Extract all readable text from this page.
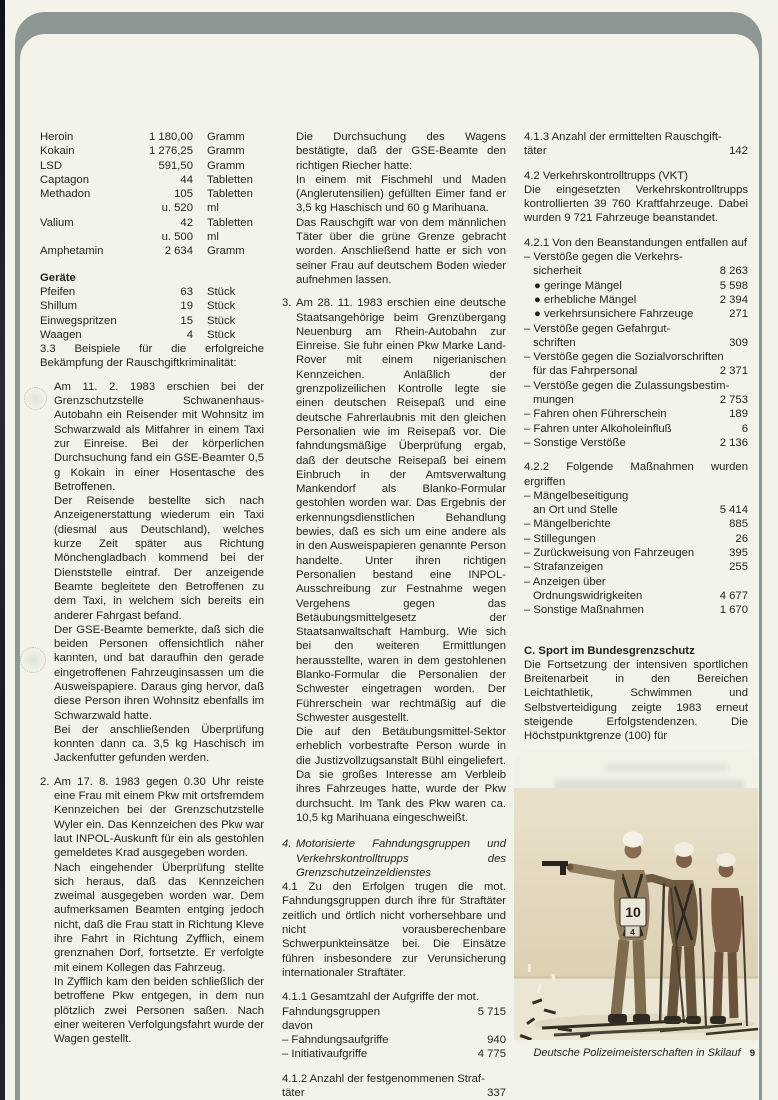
Heroin	1 180,00	Gramm
Kokain	1 276,25	Gramm
LSD	591,50	Gramm
Captagon	44	Tabletten
Methadon	105	Tabletten
u. 520	ml
Valium	42	Tabletten
u. 500	ml
Amphetamin	2 634	Gramm
Geräte
Pfeifen	63	Stück
Shillum	19	Stück
Einwegspritzen	15	Stück
Waagen	4	Stück

3.3 Beispiele für die erfolgreiche Bekämpfung der Rauschgiftkriminalität:

Am 11. 2. 1983 erschien bei der Grenzschutzstelle Schwanenhaus-Autobahn ein Reisender mit Wohnsitz im Schwarzwald als Mitfahrer in einem Taxi zur Einreise. Bei der körperlichen Durchsuchung fand ein GSE-Beamter 0,5 g Kokain in einer Hosentasche des Betroffenen.

Der Reisende bestellte sich nach Anzeigenerstattung wiederum ein Taxi (diesmal aus Deutschland), welches kurze Zeit später aus Richtung Mönchengladbach kommend bei der Dienststelle eintraf. Der anzeigende Beamte begleitete den Betroffenen zu dem Taxi, in welchem sich bereits ein anderer Fahrgast befand.

Der GSE-Beamte bemerkte, daß sich die beiden Personen offensichtlich näher kannten, und bat daraufhin den gerade eingetroffenen Fahrzeuginsassen um die Ausweispapiere. Daraus ging hervor, daß diese Person ihren Wohnsitz ebenfalls im Schwarzwald hatte.

Bei der anschließenden Überprüfung konnten dann ca. 3,5 kg Haschisch im Jackenfutter gefunden werden.

2. Am 17. 8. 1983 gegen 0.30 Uhr reiste eine Frau mit einem Pkw mit ortsfremdem Kennzeichen bei der Grenzschutzstelle Wyler ein. Das Kennzeichen des Pkw war laut INPOL-Auskunft für ein als gestohlen gemeldetes Krad ausgegeben worden.

Nach eingehender Überprüfung stellte sich heraus, daß das Kennzeichen zweimal ausgegeben worden war. Dem aufmerksamen Beamten entging jedoch nicht, daß die Frau statt in Richtung Kleve ihre Fahrt in Richtung Zyfflich, einem grenznahen Dorf, fortsetzte. Er verfolgte mit einem Kollegen das Fahrzeug.

In Zyfflich kam den beiden schließlich der betroffene Pkw entgegen, in dem nun plötzlich zwei Personen saßen. Nach einer weiteren Verfolgungsfahrt wurde der Wagen gestellt.

Die Durchsuchung des Wagens bestätigte, daß der GSE-Beamte den richtigen Riecher hatte:

In einem mit Fischmehl und Maden (Anglerutensilien) gefüllten Eimer fand er 3,5 kg Haschisch und 60 g Marihuana.

Das Rauschgift war von dem männlichen Täter über die grüne Grenze gebracht worden. Anschließend hatte er sich von seiner Frau auf deutschem Boden wieder aufnehmen lassen.

3. Am 28. 11. 1983 erschien eine deutsche Staatsangehörige beim Grenzübergang Neuenburg am Rhein-Autobahn zur Einreise. Sie fuhr einen Pkw Marke Land-Rover mit einem nigerianischen Kennzeichen. Anläßlich der grenzpolizeilichen Kontrolle legte sie einen deutschen Reisepaß und eine deutsche Fahrerlaubnis mit den gleichen Personalien wie im Reisepaß vor. Die fahndungsmäßige Überprüfung ergab, daß der deutsche Reisepaß bei einem Einbruch in der Amtsverwaltung Mankendorf als Blanko-Formular gestohlen worden war. Das Ergebnis der erkennungsdienstlichen Behandlung bewies, daß es sich um eine andere als in den Ausweispapieren genannte Person handelte. Unter ihren richtigen Personalien bestand eine INPOL-Ausschreibung zur Festnahme wegen Vergehens gegen das Betäubungsmittelgesetz der Staatsanwaltschaft Hamburg. Wie sich bei den weiteren Ermittlungen herausstellte, waren in dem gestohlenen Blanko-Formular die Personalien der Schwester eingetragen worden. Der Führerschein war rechtmäßig auf die Schwester ausgestellt.

Die auf den Betäubungsmittel-Sektor erheblich vorbestrafte Person wurde in die Justizvollzugsanstalt Bühl eingeliefert. Da sie großes Interesse am Verbleib ihres Fahrzeuges hatte, wurde der Pkw durchsucht. Im Tank des Pkw waren ca. 10,5 kg Marihuana eingeschweißt.

4. Motorisierte Fahndungsgruppen und Verkehrskontrolltrupps des Grenzschutzeinzeldienstes

4.1 Zu den Erfolgen trugen die mot. Fahndungsgruppen durch ihre für Straftäter zeitlich und örtlich nicht vorhersehbare und nicht vorausberechenbare Schwerpunkteinsätze bei. Die Einsätze führen insbesondere zur Verunsicherung internationaler Straftäter.

4.1.1 Gesamtzahl der Aufgriffe der mot.
Fahndungsgruppen	5 715
davon
– Fahndungsaufgriffe	940
– Initiativaufgriffe	4 775
4.1.2 Anzahl der festgenommenen Straf-
täter	337
4.1.3 Anzahl der ermittelten Rauschgift-
täter	142
4.2 Verkehrskontrolltrupps (VKT)

Die eingesetzten Verkehrskontrolltrupps kontrollierten 39 760 Kraftfahrzeuge. Dabei wurden 9 721 Fahrzeuge beanstandet.

4.2.1 Von den Beanstandungen entfallen auf

– Verstöße gegen die Verkehrs-
sicherheit	8 263
● geringe Mängel	5 598
● erhebliche Mängel	2 394
● verkehrsunsichere Fahrzeuge	271
– Verstöße gegen Gefahrgut-
schriften	309
– Verstöße gegen die Sozialvorschriften
für das Fahrpersonal	2 371
– Verstöße gegen die Zulassungsbestim-
mungen	2 753
– Fahren ohen Führerschein	189
– Fahren unter Alkoholeinfluß	6
– Sonstige Verstöße	2 136

4.2.2 Folgende Maßnahmen wurden ergriffen

– Mängelbeseitigung
an Ort und Stelle	5 414
– Mängelberichte	885
– Stillegungen	26
– Zurückweisung von Fahrzeugen	395
– Strafanzeigen	255
– Anzeigen über
Ordnungswidrigkeiten	4 677
– Sonstige Maßnahmen	1 670
C. Sport im Bundesgrenzschutz

Die Fortsetzung der intensiven sportlichen Breitenarbeit in den Bereichen Leichtathletik, Schwimmen und Selbstverteidigung zeigte 1983 erneut steigende Erfolgstendenzen. Die Höchstpunktgrenze (100) für

10
4
Deutsche Polizeimeisterschaften in Skilauf 9
